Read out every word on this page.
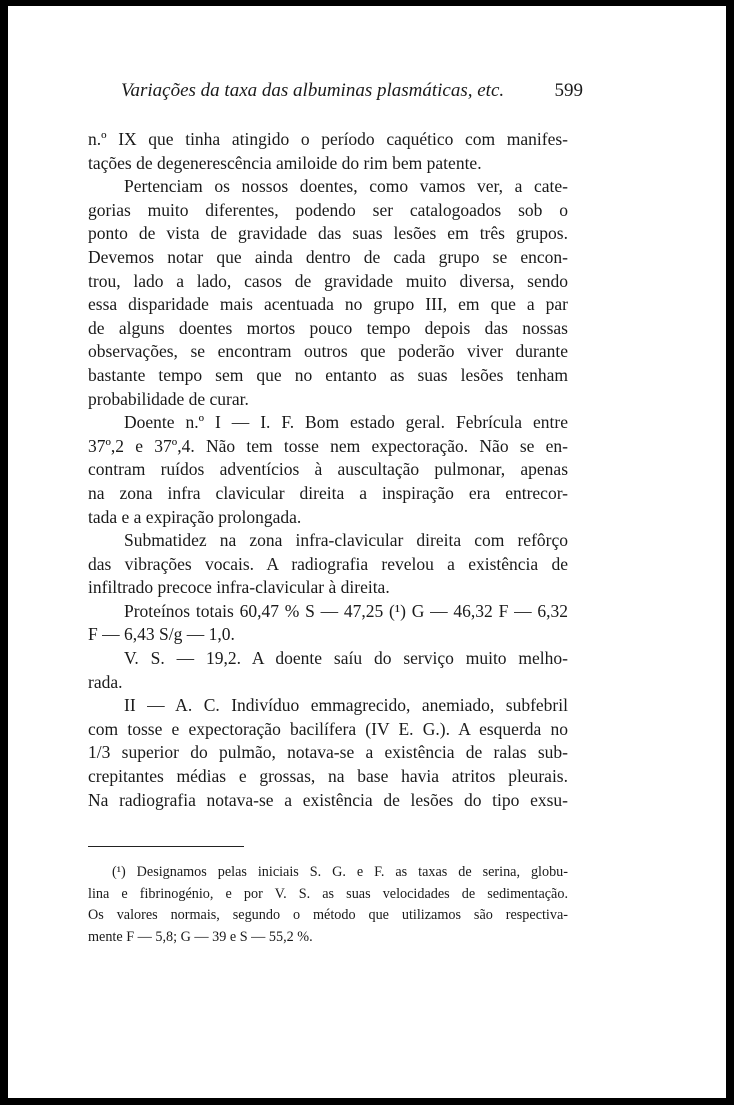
Variações da taxa das albuminas plasmáticas, etc.	599
n.º IX que tinha atingido o período caquético com manifes-
tações de degenerescência amiloide do rim bem patente.
Pertenciam os nossos doentes, como vamos ver, a cate-
gorias muito diferentes, podendo ser catalogoados sob o
ponto de vista de gravidade das suas lesões em três grupos.
Devemos notar que ainda dentro de cada grupo se encon-
trou, lado a lado, casos de gravidade muito diversa, sendo
essa disparidade mais acentuada no grupo III, em que a par
de alguns doentes mortos pouco tempo depois das nossas
observações, se encontram outros que poderão viver durante
bastante tempo sem que no entanto as suas lesões tenham
probabilidade de curar.
Doente n.º I — I. F. Bom estado geral. Febrícula entre
37º,2 e 37º,4. Não tem tosse nem expectoração. Não se en-
contram ruídos adventícios à auscultação pulmonar, apenas
na zona infra clavicular direita a inspiração era entrecor-
tada e a expiração prolongada.
Submatidez na zona infra-clavicular direita com refôrço
das vibrações vocais. A radiografia revelou a existência de
infiltrado precoce infra-clavicular à direita.
Proteínos totais 60,47 % S — 47,25 (¹) G — 46,32 F — 6,32
F — 6,43 S/g — 1,0.
V. S. — 19,2. A doente saíu do serviço muito melho-
rada.
II — A. C. Indivíduo emmagrecido, anemiado, subfebril
com tosse e expectoração bacilífera (IV E. G.). A esquerda no
1/3 superior do pulmão, notava-se a existência de ralas sub-
crepitantes médias e grossas, na base havia atritos pleurais.
Na radiografia notava-se a existência de lesões do tipo exsu-
(¹) Designamos pelas iniciais S. G. e F. as taxas de serina, globu-
lina e fibrinogénio, e por V. S. as suas velocidades de sedimentação.
Os valores normais, segundo o método que utilizamos são respectiva-
mente F — 5,8; G — 39 e S — 55,2 %.
